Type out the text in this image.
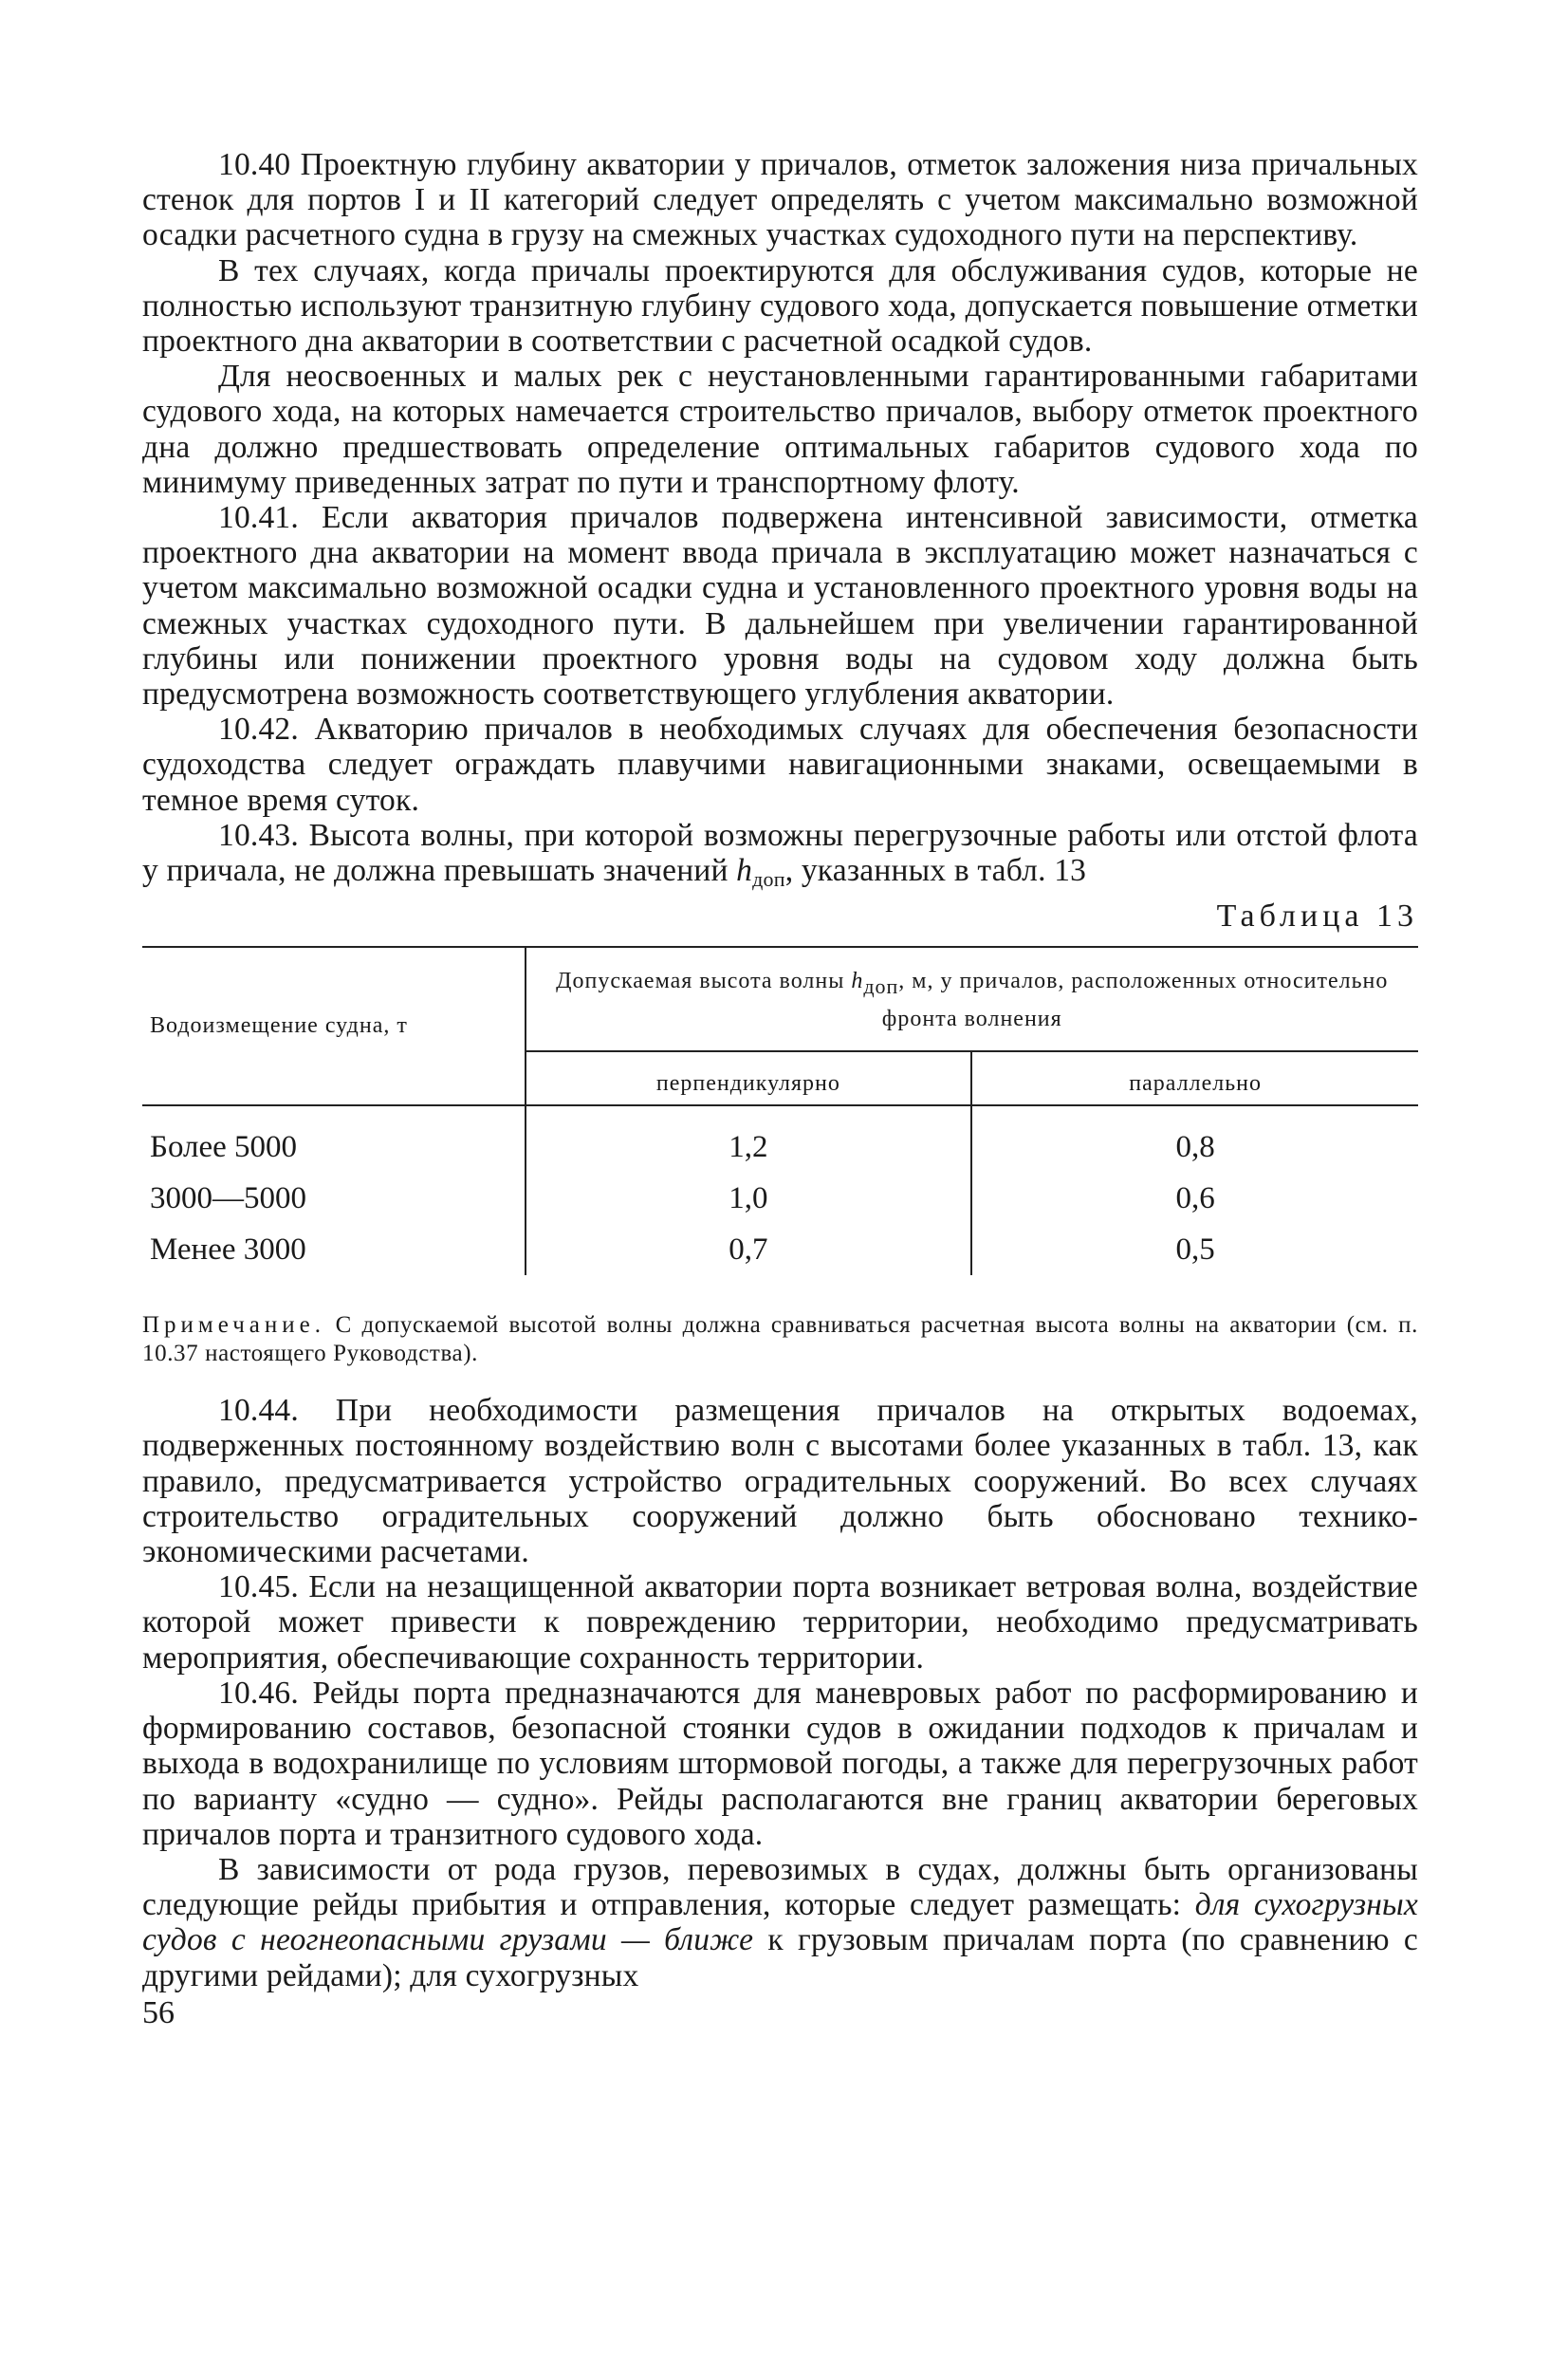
10.40 Проектную глубину акватории у причалов, отметок заложения низа причальных стенок для портов I и II категорий следует определять с учетом максимально возможной осадки расчетного судна в грузу на смежных участках судоходного пути на перспективу.

В тех случаях, когда причалы проектируются для обслуживания судов, которые не полностью используют транзитную глубину судового хода, допускается повышение отметки проектного дна акватории в соответствии с расчетной осадкой судов.

Для неосвоенных и малых рек с неустановленными гарантированными габаритами судового хода, на которых намечается строительство причалов, выбору отметок проектного дна должно предшествовать определение оптимальных габаритов судового хода по минимуму приведенных затрат по пути и транспортному флоту.

10.41. Если акватория причалов подвержена интенсивной зависимости, отметка проектного дна акватории на момент ввода причала в эксплуатацию может назначаться с учетом максимально возможной осадки судна и установленного проектного уровня воды на смежных участках судоходного пути. В дальнейшем при увеличении гарантированной глубины или понижении проектного уровня воды на судовом ходу должна быть предусмотрена возможность соответствующего углубления акватории.

10.42. Акваторию причалов в необходимых случаях для обеспечения безопасности судоходства следует ограждать плавучими навигационными знаками, освещаемыми в темное время суток.

10.43. Высота волны, при которой возможны перегрузочные работы или отстой флота у причала, не должна превышать значений $h_{доп}$, указанных в табл. 13

Таблица 13
Водоизмещение судна, т	Допускаемая высота волны hдоп, м, у причалов, расположенных относительно фронта волнения	
	перпендикулярно	параллельно
Более 5000	1,2	0,8
3000—5000	1,0	0,6
Менее 3000	0,7	0,5

Примечание. С допускаемой высотой волны должна сравниваться расчетная высота волны на акватории (см. п. 10.37 настоящего Руководства).

10.44. При необходимости размещения причалов на открытых водоемах, подверженных постоянному воздействию волн с высотами более указанных в табл. 13, как правило, предусматривается устройство оградительных сооружений. Во всех случаях строительство оградительных сооружений должно быть обосновано технико-экономическими расчетами.

10.45. Если на незащищенной акватории порта возникает ветровая волна, воздействие которой может привести к повреждению территории, необходимо предусматривать мероприятия, обеспечивающие сохранность территории.

10.46. Рейды порта предназначаются для маневровых работ по расформированию и формированию составов, безопасной стоянки судов в ожидании подходов к причалам и выхода в водохранилище по условиям штормовой погоды, а также для перегрузочных работ по варианту «судно — судно». Рейды располагаются вне границ акватории береговых причалов порта и транзитного судового хода.

В зависимости от рода грузов, перевозимых в судах, должны быть организованы следующие рейды прибытия и отправления, которые следует размещать: для сухогрузных судов с неогнеопасными грузами — ближе к грузовым причалам порта (по сравнению с другими рейдами); для сухогрузных

56
